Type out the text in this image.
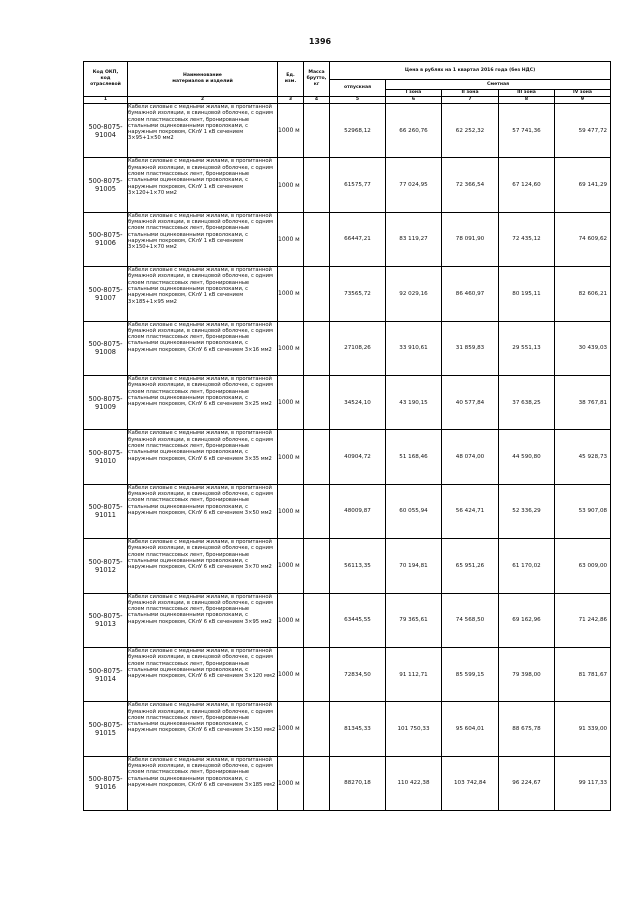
1396
Код ОКП,
код
отраслевой	Наименование
материалов и изделий	Ед.
изм.	Масса
брутто,
кг	Цена в рублях на 1 квартал 2016 года (без НДС)				
				отпускная	Сметная			
					I зона	II зона	III зона	IV зона
1	2	3	4	5	6	7	8	9

500-8075-
91004	Кабели силовые с медными жилами, в пропитанной бумажной изоляции, в свинцовой оболочке, с одним слоем пластмассовых лент, бронированные стальными оцинкованными проволоками, с наружным покровом, СКлУ 1 кВ сечением 3×95+1×50 мм2	1000 м		52968,12	66 260,76	62 252,32	57 741,36	59 477,72

500-8075-
91005	Кабели силовые с медными жилами, в пропитанной бумажной изоляции, в свинцовой оболочке, с одним слоем пластмассовых лент, бронированные стальными оцинкованными проволоками, с наружным покровом, СКлУ 1 кВ сечением 3×120+1×70 мм2	1000 м		61575,77	77 024,95	72 366,54	67 124,60	69 141,29

500-8075-
91006	Кабели силовые с медными жилами, в пропитанной бумажной изоляции, в свинцовой оболочке, с одним слоем пластмассовых лент, бронированные стальными оцинкованными проволоками, с наружным покровом, СКлУ 1 кВ сечением 3×150+1×70 мм2	1000 м		66447,21	83 119,27	78 091,90	72 435,12	74 609,62

500-8075-
91007	Кабели силовые с медными жилами, в пропитанной бумажной изоляции, в свинцовой оболочке, с одним слоем пластмассовых лент, бронированные стальными оцинкованными проволоками, с наружным покровом, СКлУ 1 кВ сечением 3×185+1×95 мм2	1000 м		73565,72	92 029,16	86 460,97	80 195,11	82 606,21

500-8075-
91008	Кабели силовые с медными жилами, в пропитанной бумажной изоляции, в свинцовой оболочке, с одним слоем пластмассовых лент, бронированные стальными оцинкованными проволоками, с наружным покровом, СКлУ 6 кВ сечением 3×16 мм2	1000 м		27108,26	33 910,61	31 859,83	29 551,13	30 439,03

500-8075-
91009	Кабели силовые с медными жилами, в пропитанной бумажной изоляции, в свинцовой оболочке, с одним слоем пластмассовых лент, бронированные стальными оцинкованными проволоками, с наружным покровом, СКлУ 6 кВ сечением 3×25 мм2	1000 м		34524,10	43 190,15	40 577,84	37 638,25	38 767,81

500-8075-
91010	Кабели силовые с медными жилами, в пропитанной бумажной изоляции, в свинцовой оболочке, с одним слоем пластмассовых лент, бронированные стальными оцинкованными проволоками, с наружным покровом, СКлУ 6 кВ сечением 3×35 мм2	1000 м		40904,72	51 168,46	48 074,00	44 590,80	45 928,73

500-8075-
91011	Кабели силовые с медными жилами, в пропитанной бумажной изоляции, в свинцовой оболочке, с одним слоем пластмассовых лент, бронированные стальными оцинкованными проволоками, с наружным покровом, СКлУ 6 кВ сечением 3×50 мм2	1000 м		48009,87	60 055,94	56 424,71	52 336,29	53 907,08

500-8075-
91012	Кабели силовые с медными жилами, в пропитанной бумажной изоляции, в свинцовой оболочке, с одним слоем пластмассовых лент, бронированные стальными оцинкованными проволоками, с наружным покровом, СКлУ 6 кВ сечением 3×70 мм2	1000 м		56113,35	70 194,81	65 951,26	61 170,02	63 009,00

500-8075-
91013	Кабели силовые с медными жилами, в пропитанной бумажной изоляции, в свинцовой оболочке, с одним слоем пластмассовых лент, бронированные стальными оцинкованными проволоками, с наружным покровом, СКлУ 6 кВ сечением 3×95 мм2	1000 м		63445,55	79 365,61	74 568,50	69 162,96	71 242,86

500-8075-
91014	Кабели силовые с медными жилами, в пропитанной бумажной изоляции, в свинцовой оболочке, с одним слоем пластмассовых лент, бронированные стальными оцинкованными проволоками, с наружным покровом, СКлУ 6 кВ сечением 3×120 мм2	1000 м		72834,50	91 112,71	85 599,15	79 398,00	81 781,67

500-8075-
91015	Кабели силовые с медными жилами, в пропитанной бумажной изоляции, в свинцовой оболочке, с одним слоем пластмассовых лент, бронированные стальными оцинкованными проволоками, с наружным покровом, СКлУ 6 кВ сечением 3×150 мм2	1000 м		81345,33	101 750,33	95 604,01	88 675,78	91 339,00

500-8075-
91016	Кабели силовые с медными жилами, в пропитанной бумажной изоляции, в свинцовой оболочке, с одним слоем пластмассовых лент, бронированные стальными оцинкованными проволоками, с наружным покровом, СКлУ 6 кВ сечением 3×185 мм2	1000 м		88270,18	110 422,38	103 742,84	96 224,67	99 117,33
